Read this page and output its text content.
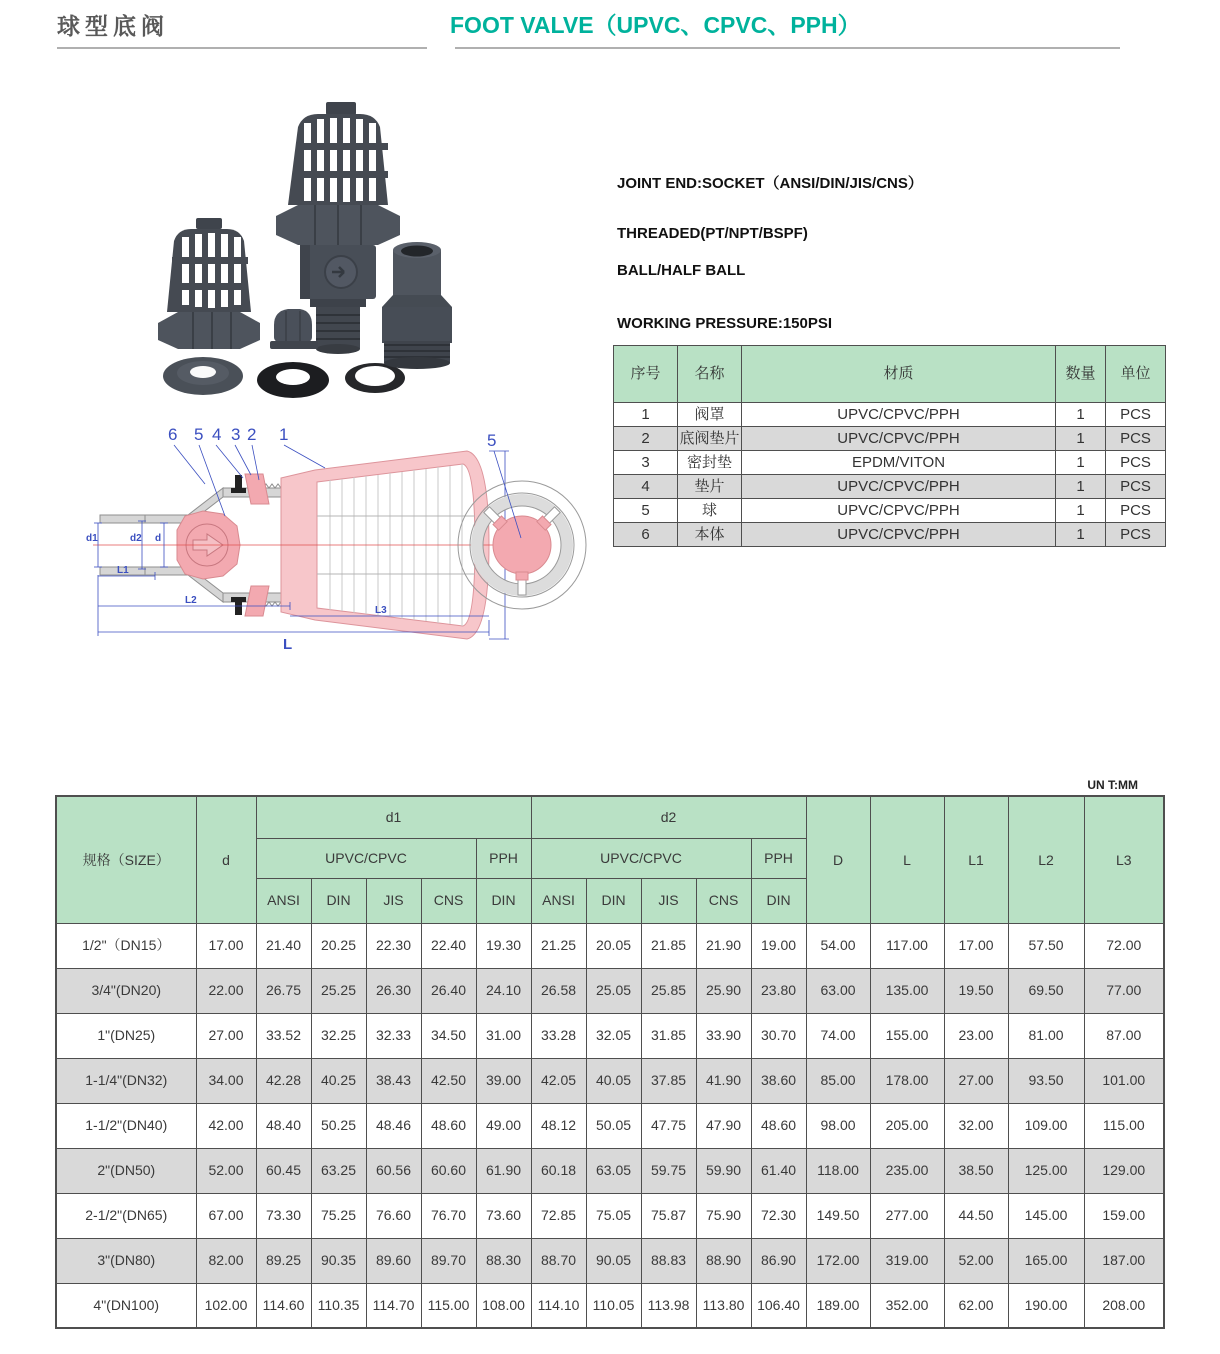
球型底阀	FOOT VALVE（UPVC、CPVC、PPH）
JOINT END:SOCKET（ANSI/DIN/JIS/CNS）
THREADED(PT/NPT/BSPF)
BALL/HALF BALL
WORKING PRESSURE:150PSI
序号	名称	材质	数量	单位
1	阀罩	UPVC/CPVC/PPH	1	PCS
2	底阀垫片	UPVC/CPVC/PPH	1	PCS
3	密封垫	EPDM/VITON	1	PCS
4	垫片	UPVC/CPVC/PPH	1	PCS
5	球	UPVC/CPVC/PPH	1	PCS
6	本体	UPVC/CPVC/PPH	1	PCS
d1	d2 d
L1
L2
L3
L
6 5 4 3 2 1	5
UN T:MM
规格（SIZE）	d	d1					d2					D	L	L1	L2	L3
		UPVC/CPVC				PPH	UPVC/CPVC				PPH					
		ANSI	DIN	JIS	CNS	DIN	ANSI	DIN	JIS	CNS	DIN					
1/2"（DN15）	17.00	21.40	20.25	22.30	22.40	19.30	21.25	20.05	21.85	21.90	19.00	54.00	117.00	17.00	57.50	72.00
3/4"(DN20)	22.00	26.75	25.25	26.30	26.40	24.10	26.58	25.05	25.85	25.90	23.80	63.00	135.00	19.50	69.50	77.00
1"(DN25)	27.00	33.52	32.25	32.33	34.50	31.00	33.28	32.05	31.85	33.90	30.70	74.00	155.00	23.00	81.00	87.00
1-1/4"(DN32)	34.00	42.28	40.25	38.43	42.50	39.00	42.05	40.05	37.85	41.90	38.60	85.00	178.00	27.00	93.50	101.00
1-1/2"(DN40)	42.00	48.40	50.25	48.46	48.60	49.00	48.12	50.05	47.75	47.90	48.60	98.00	205.00	32.00	109.00	115.00
2"(DN50)	52.00	60.45	63.25	60.56	60.60	61.90	60.18	63.05	59.75	59.90	61.40	118.00	235.00	38.50	125.00	129.00
2-1/2"(DN65)	67.00	73.30	75.25	76.60	76.70	73.60	72.85	75.05	75.87	75.90	72.30	149.50	277.00	44.50	145.00	159.00
3"(DN80)	82.00	89.25	90.35	89.60	89.70	88.30	88.70	90.05	88.83	88.90	86.90	172.00	319.00	52.00	165.00	187.00
4"(DN100)	102.00	114.60	110.35	114.70	115.00	108.00	114.10	110.05	113.98	113.80	106.40	189.00	352.00	62.00	190.00	208.00
